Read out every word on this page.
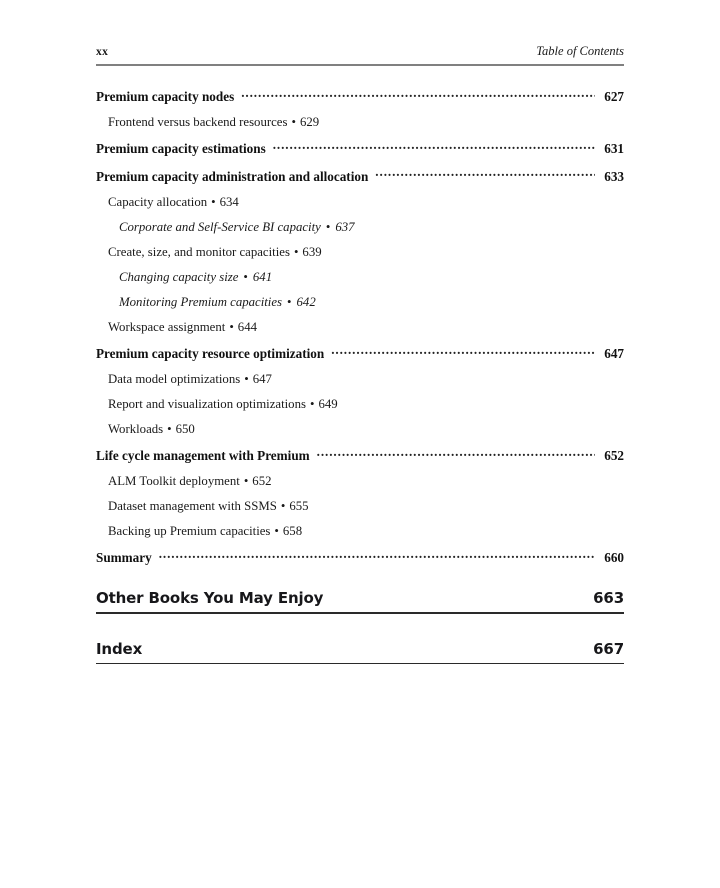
xx	Table of Contents
Premium capacity nodes .....	627
Frontend versus backend resources • 629
Premium capacity estimations .....	631
Premium capacity administration and allocation .....	633
Capacity allocation • 634
Corporate and Self-Service BI capacity • 637
Create, size, and monitor capacities • 639
Changing capacity size • 641
Monitoring Premium capacities • 642
Workspace assignment • 644
Premium capacity resource optimization .....	647
Data model optimizations • 647
Report and visualization optimizations • 649
Workloads • 650
Life cycle management with Premium .....	652
ALM Toolkit deployment • 652
Dataset management with SSMS • 655
Backing up Premium capacities • 658
Summary .....	660
Other Books You May Enjoy	663
Index	667
